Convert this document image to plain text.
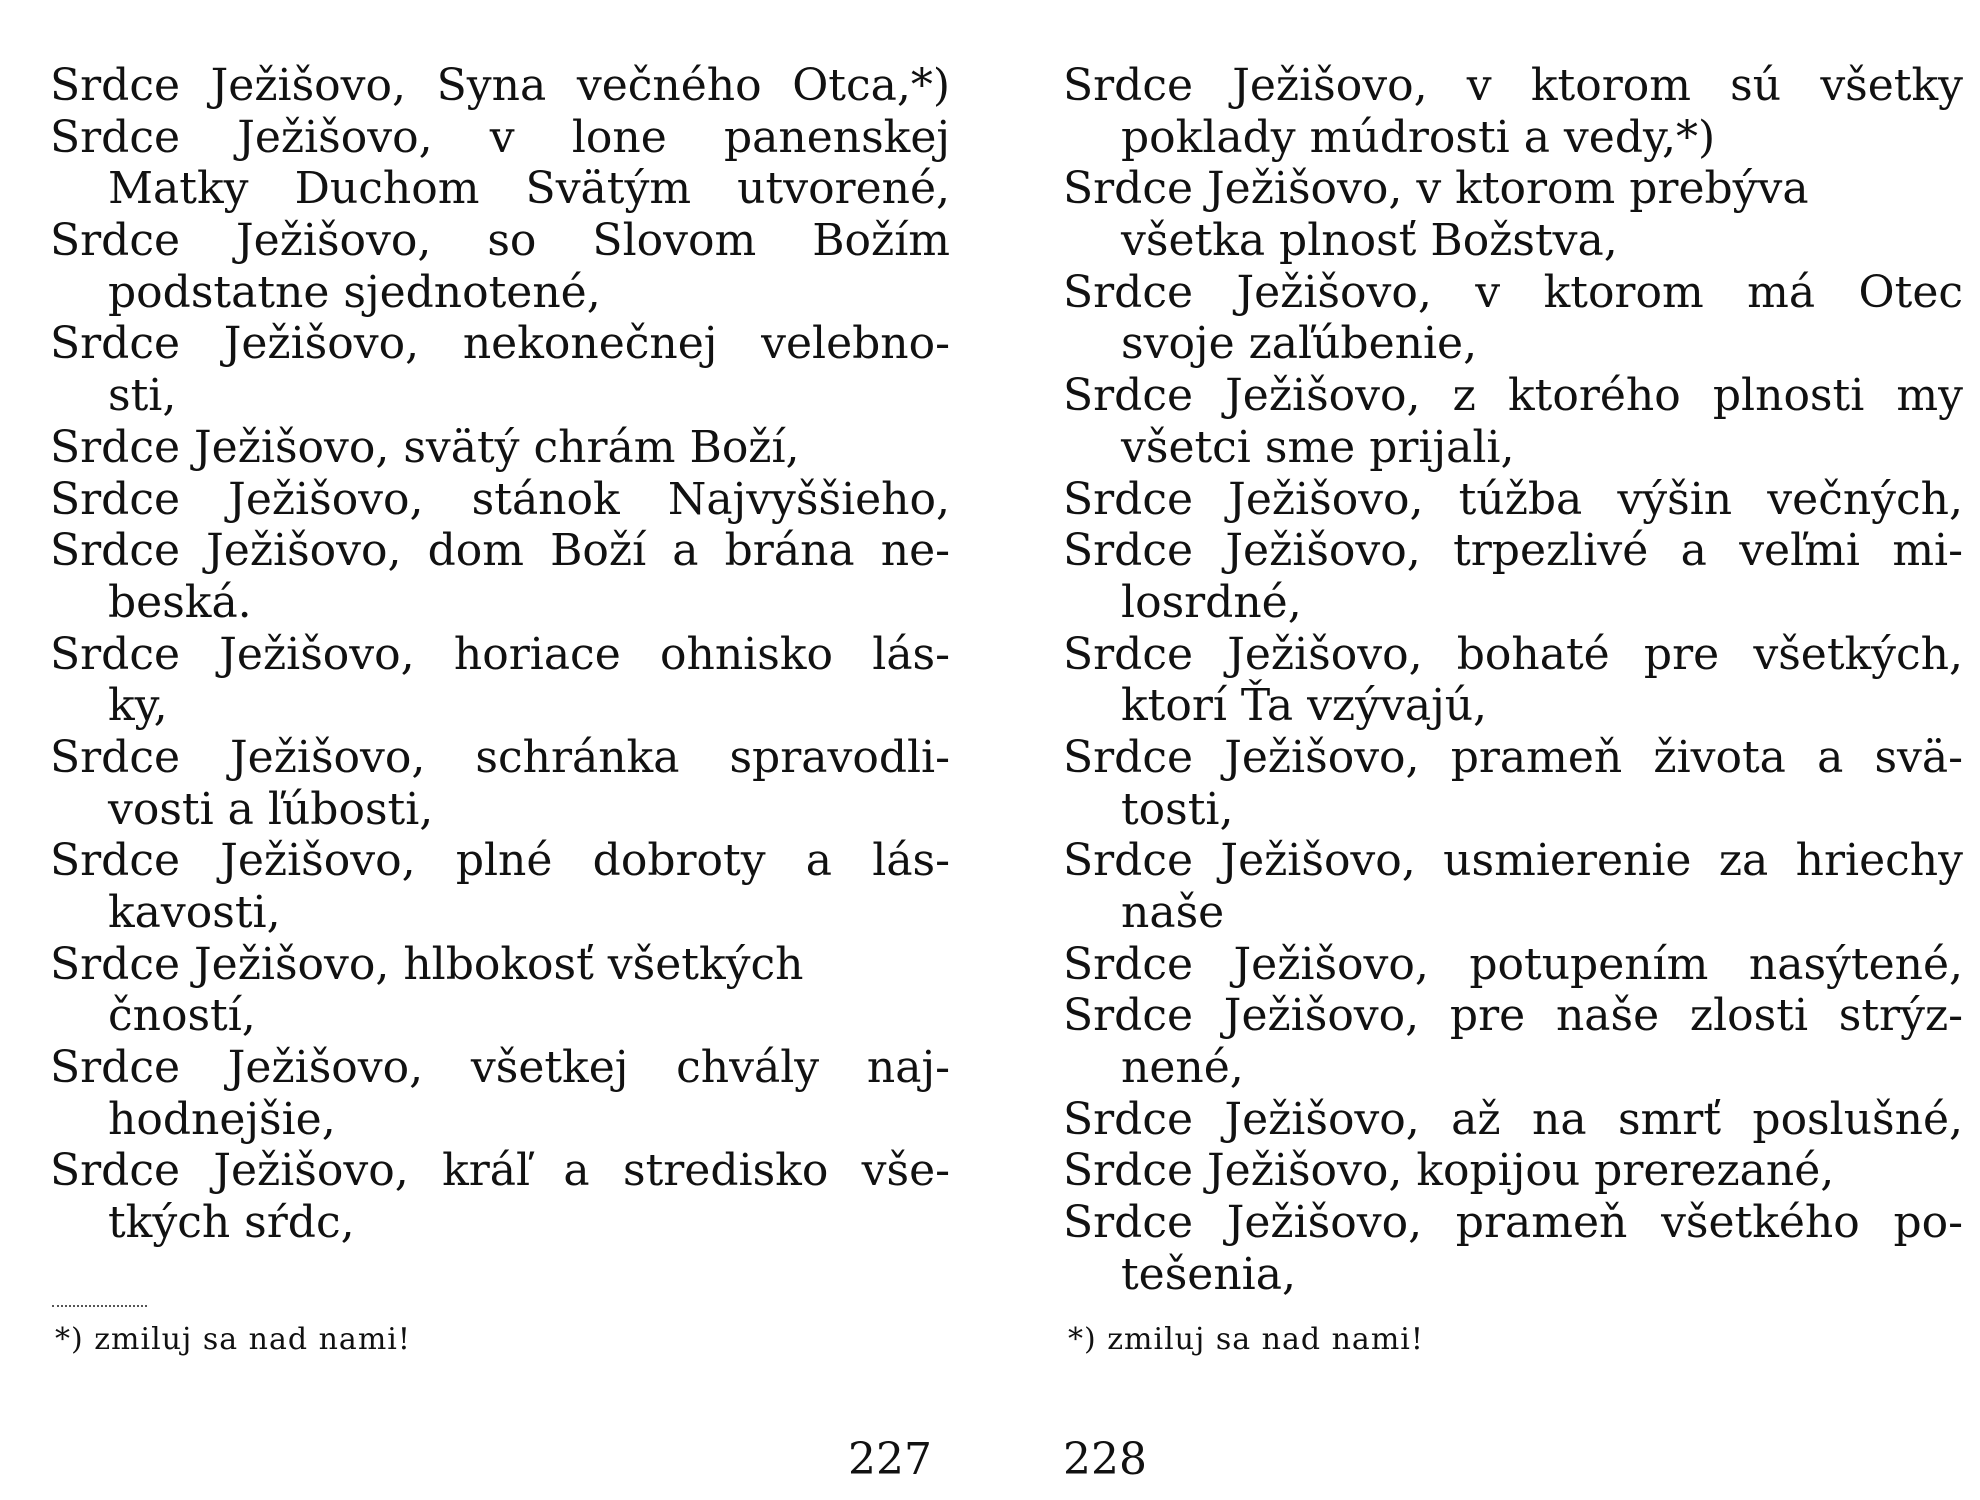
Srdce Ježišovo, Syna večného Otca,*)
Srdce Ježišovo, v lone panenskej
Matky Duchom Svätým utvorené,
Srdce Ježišovo, so Slovom Božím
podstatne sjednotené,
Srdce Ježišovo, nekonečnej velebno-
sti,
Srdce Ježišovo, svätý chrám Boží,
Srdce Ježišovo, stánok Najvyššieho,
Srdce Ježišovo, dom Boží a brána ne-
beská.
Srdce Ježišovo, horiace ohnisko lás-
ky,
Srdce Ježišovo, schránka spravodli-
vosti a ľúbosti,
Srdce Ježišovo, plné dobroty a lás-
kavosti,
Srdce Ježišovo, hlbokosť všetkých
čností,
Srdce Ježišovo, všetkej chvály naj-
hodnejšie,
Srdce Ježišovo, kráľ a stredisko vše-
tkých sŕdc,
*) zmiluj sa nad nami!
227
Srdce Ježišovo, v ktorom sú všetky
poklady múdrosti a vedy,*)
Srdce Ježišovo, v ktorom prebýva
všetka plnosť Božstva,
Srdce Ježišovo, v ktorom má Otec
svoje zaľúbenie,
Srdce Ježišovo, z ktorého plnosti my
všetci sme prijali,
Srdce Ježišovo, túžba výšin večných,
Srdce Ježišovo, trpezlivé a veľmi mi-
losrdné,
Srdce Ježišovo, bohaté pre všetkých,
ktorí Ťa vzývajú,
Srdce Ježišovo, prameň života a svä-
tosti,
Srdce Ježišovo, usmierenie za hriechy
naše
Srdce Ježišovo, potupením nasýtené,
Srdce Ježišovo, pre naše zlosti strýz-
nené,
Srdce Ježišovo, až na smrť poslušné,
Srdce Ježišovo, kopijou prerezané,
Srdce Ježišovo, prameň všetkého po-
tešenia,
*) zmiluj sa nad nami!
228
